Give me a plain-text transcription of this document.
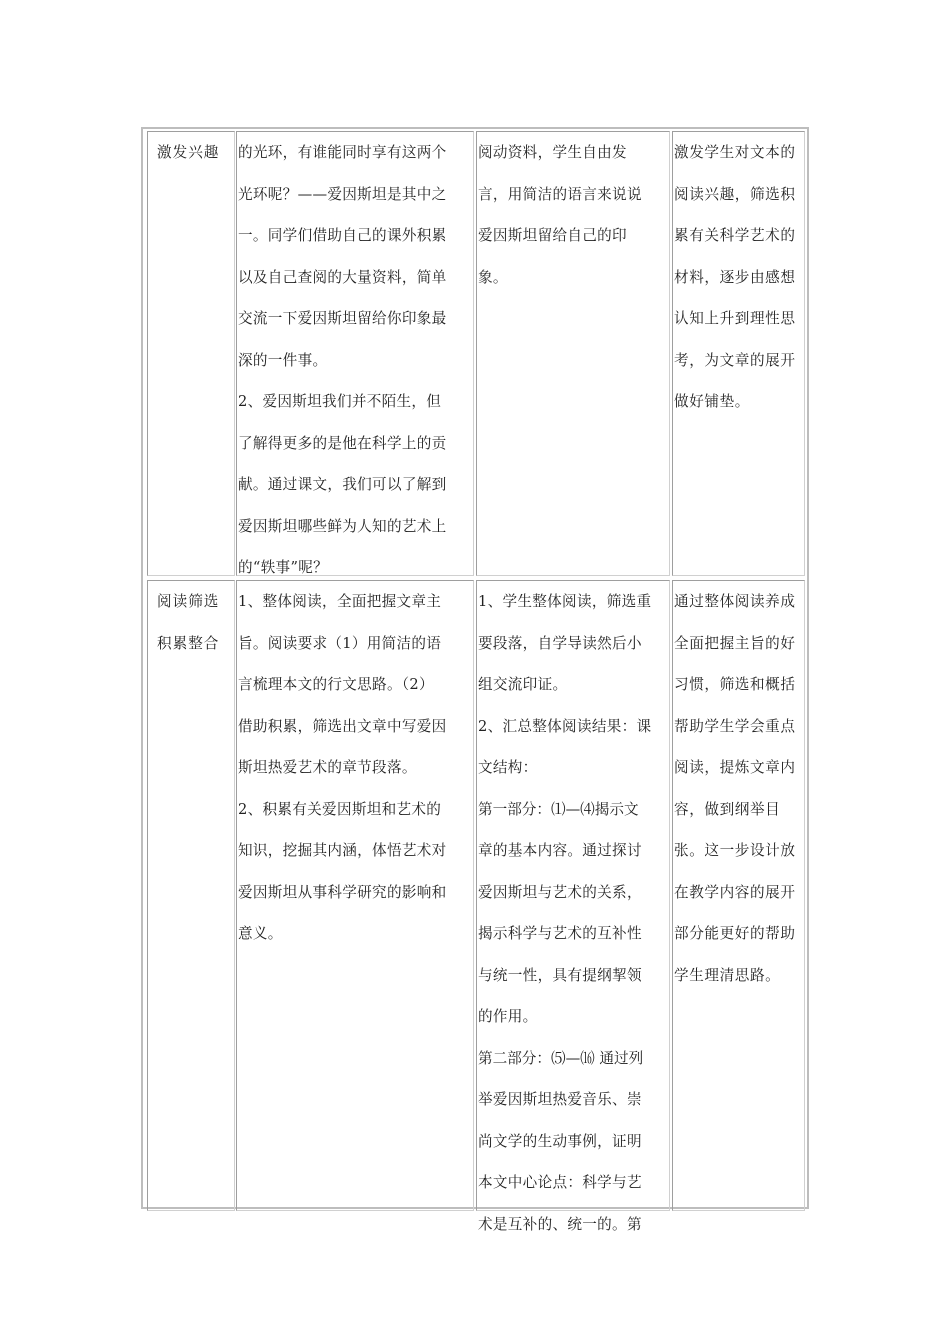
激发兴趣	的光环，有谁能同时享有这两个

光环呢？——爱因斯坦是其中之

一。同学们借助自己的课外积累

以及自己查阅的大量资料，简单

交流一下爱因斯坦留给你印象最

深的一件事。

2、爱因斯坦我们并不陌生，但

了解得更多的是他在科学上的贡

献。通过课文，我们可以了解到

爱因斯坦哪些鲜为人知的艺术上

的“轶事”呢？

阅动资料，学生自由发

言，用简洁的语言来说说

爱因斯坦留给自己的印

象。

激发学生对文本的

阅读兴趣，筛选积

累有关科学艺术的

材料，逐步由感想

认知上升到理性思

考，为文章的展开

做好铺垫。

阅读筛选

积累整合

1、整体阅读，全面把握文章主

旨。阅读要求（1）用简洁的语

言梳理本文的行文思路。（2）

借助积累，筛选出文章中写爱因

斯坦热爱艺术的章节段落。

2、积累有关爱因斯坦和艺术的

知识，挖掘其内涵，体悟艺术对

爱因斯坦从事科学研究的影响和

意义。

1、学生整体阅读，筛选重

要段落，自学导读然后小

组交流印证。

2、汇总整体阅读结果：课

文结构：

第一部分：⑴—⑷揭示文

章的基本内容。通过探讨

爱因斯坦与艺术的关系，

揭示科学与艺术的互补性

与统一性，具有提纲挈领

的作用。

第二部分：⑸—⒃ 通过列

举爱因斯坦热爱音乐、崇

尚文学的生动事例，证明

本文中心论点：科学与艺

术是互补的、统一的。第

通过整体阅读养成

全面把握主旨的好

习惯，筛选和概括

帮助学生学会重点

阅读，提炼文章内

容，做到纲举目

张。这一步设计放

在教学内容的展开

部分能更好的帮助

学生理清思路。
